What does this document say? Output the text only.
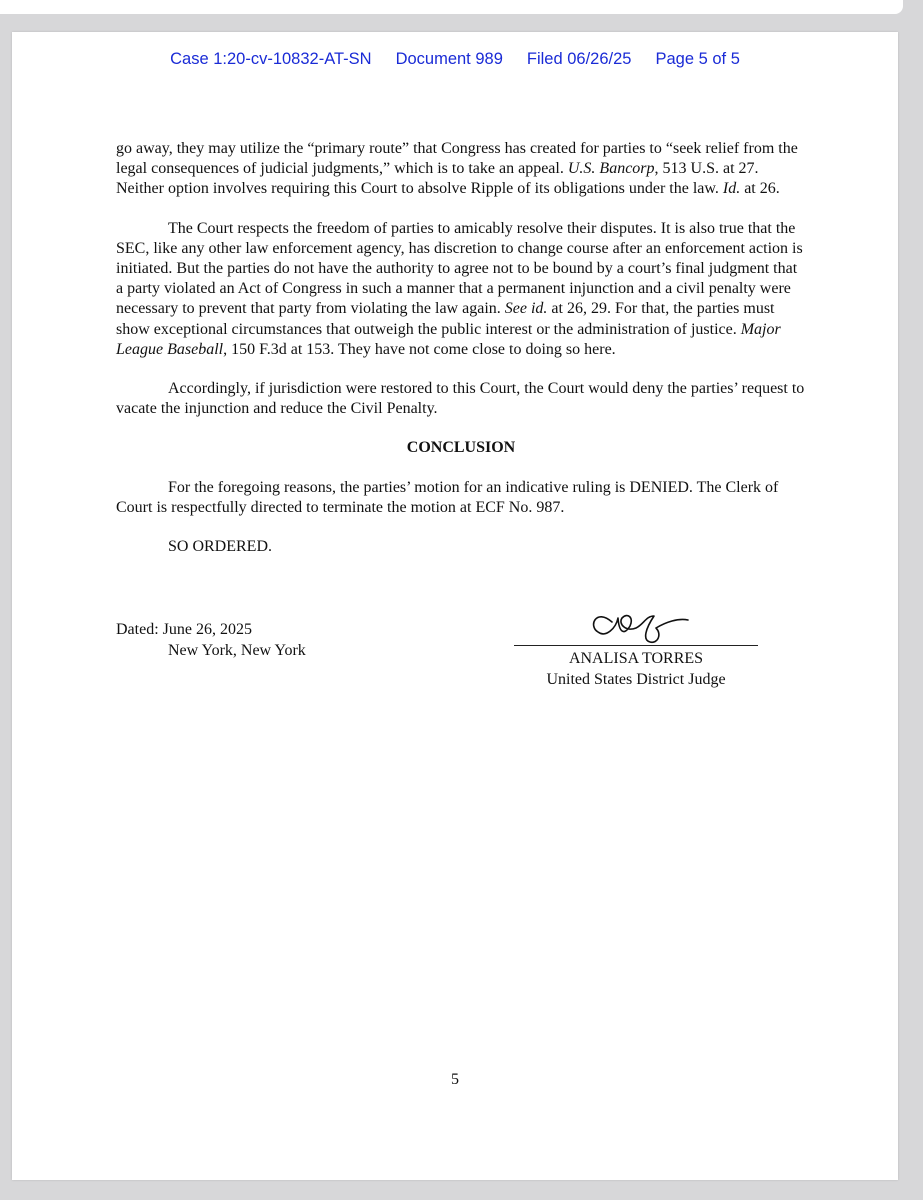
Case 1:20-cv-10832-AT-SN Document 989 Filed 06/26/25 Page 5 of 5

go away, they may utilize the “primary route” that Congress has created for parties to “seek relief from the legal consequences of judicial judgments,” which is to take an appeal. U.S. Bancorp, 513 U.S. at 27. Neither option involves requiring this Court to absolve Ripple of its obligations under the law. Id. at 26.

The Court respects the freedom of parties to amicably resolve their disputes. It is also true that the SEC, like any other law enforcement agency, has discretion to change course after an enforcement action is initiated. But the parties do not have the authority to agree not to be bound by a court’s final judgment that a party violated an Act of Congress in such a manner that a permanent injunction and a civil penalty were necessary to prevent that party from violating the law again. See id. at 26, 29. For that, the parties must show exceptional circumstances that outweigh the public interest or the administration of justice. Major League Baseball, 150 F.3d at 153. They have not come close to doing so here.

Accordingly, if jurisdiction were restored to this Court, the Court would deny the parties’ request to vacate the injunction and reduce the Civil Penalty.

CONCLUSION

For the foregoing reasons, the parties’ motion for an indicative ruling is DENIED. The Clerk of Court is respectfully directed to terminate the motion at ECF No. 987.

SO ORDERED.

Dated: June 26, 2025
New York, New York	ANALISA TORRES
United States District Judge
5
